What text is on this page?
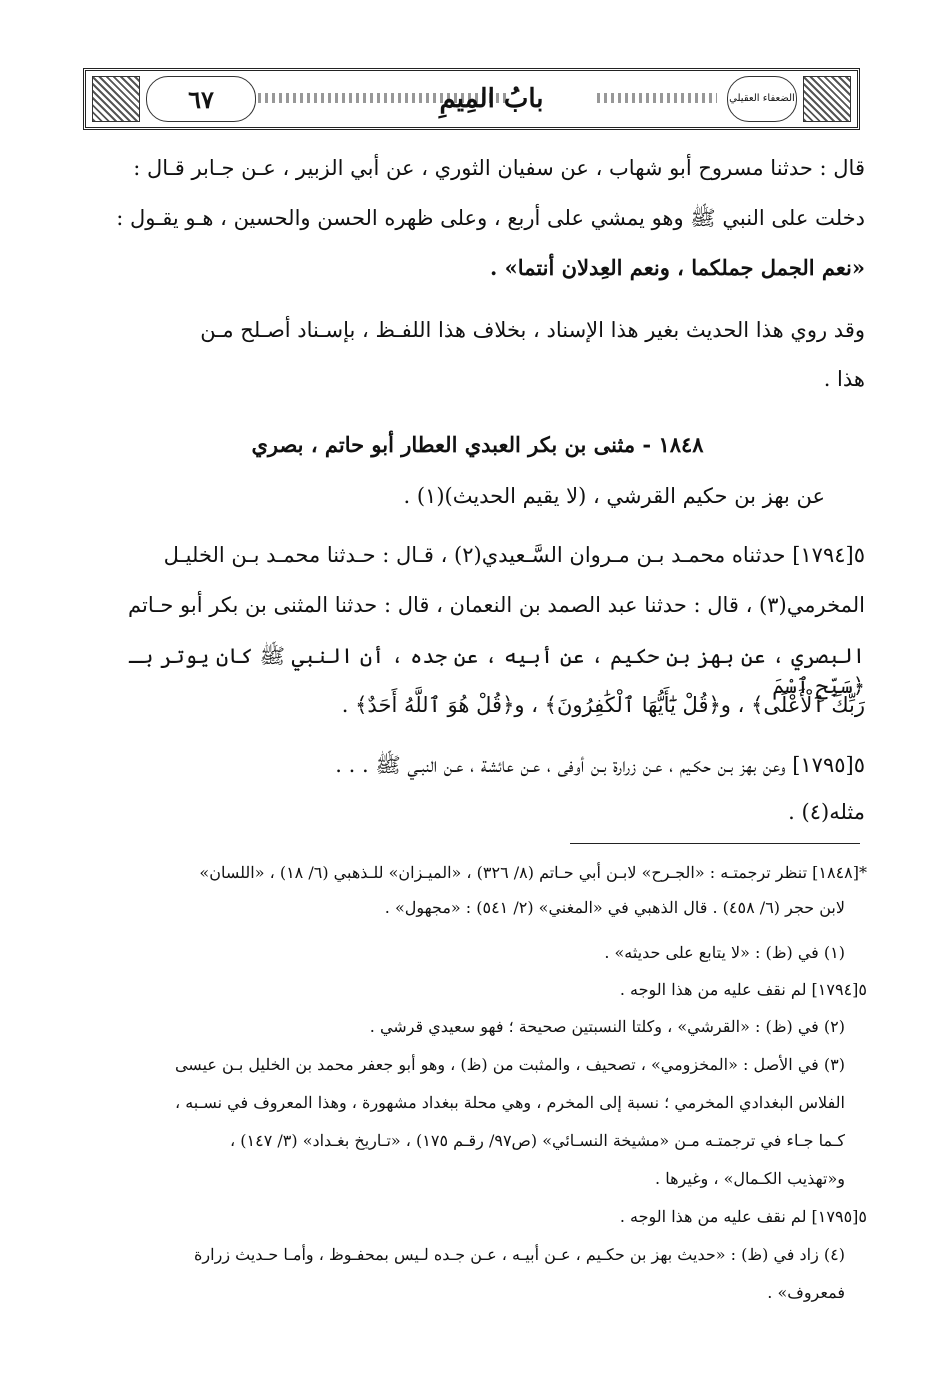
٦٧	بابُ المِيمِ	الضعفاء العقيلي
قال : حدثنا مسروح أبو شهاب ، عن سفيان الثوري ، عن أبي الزبير ، عـن جـابر قـال :
دخلت على النبي ﷺ وهو يمشي على أربع ، وعلى ظهره الحسن والحسين ، هـو يقـول :
«نعم الجمل جملكما ، ونعم العِدلان أنتما» .
وقد روي هذا الحديث بغير هذا الإسناد ، بخلاف هذا اللفـظ ، بإسـناد أصـلح مـن
هذا .
١٨٤٨ - مثنى بن بكر العبدي العطار أبو حاتم ، بصري
عن بهز بن حكيم القرشي ، (لا يقيم الحديث)(١) .
٥[١٧٩٤] حدثناه محمـد بـن مـروان السَّـعيدي(٢) ، قـال : حـدثنا محمـد بـن الخليـل
المخرمي(٣) ، قال : حدثنا عبد الصمد بن النعمان ، قال : حدثنا المثنى بن بكر أبو حـاتم
البصري ، عن بهز بن حكيم ، عن أبيه ، عن جده ، أن النبي ﷺ كان يوتر بـ ﴿سَبِّحِ ٱسْمَ
رَبِّكَ ٱلْأَعْلَى﴾ ، و﴿قُلْ يَٰٓأَيُّهَا ٱلْكَٰفِرُونَ﴾ ، و﴿قُلْ هُوَ ٱللَّهُ أَحَدٌ﴾ .
٥[١٧٩٥] وعن بهز بـن حكـيم ، عـن زرارة بـن أوفى ، عـن عائشة ، عـن النبـي ﷺ . . .
مثله(٤) .
*[١٨٤٨] تنظر ترجمتـه : «الجـرح» لابـن أبي حـاتم (٨/ ٣٢٦) ، «الميـزان» للـذهبي (٦/ ١٨) ، «اللسان»
لابن حجر (٦/ ٤٥٨) . قال الذهبي في «المغني» (٢/ ٥٤١) : «مجهول» .
(١) في (ظ) : «لا يتابع على حديثه» .
٥[١٧٩٤] لم نقف عليه من هذا الوجه .
(٢) في (ظ) : «القرشي» ، وكلتا النسبتين صحيحة ؛ فهو سعيدي قرشي .
(٣) في الأصل : «المخزومي» ، تصحيف ، والمثبت من (ظ) ، وهو أبو جعفر محمد بن الخليل بـن عيسى
الفلاس البغدادي المخرمي ؛ نسبة إلى المخرم ، وهي محلة ببغداد مشهورة ، وهذا المعروف في نسـبه ،
كـما جـاء في ترجمتـه مـن «مشيخة النسـائي» (ص٩٧/ رقـم ١٧٥) ، «تـاريخ بغـداد» (٣/ ١٤٧) ،
و«تهذيب الكـمال» ، وغيرها .
٥[١٧٩٥] لم نقف عليه من هذا الوجه .
(٤) زاد في (ظ) : «حديث بهز بن حكـيم ، عـن أبيـه ، عـن جـده لـيس بمحفـوظ ، وأمـا حـديث زرارة
فمعروف» .
